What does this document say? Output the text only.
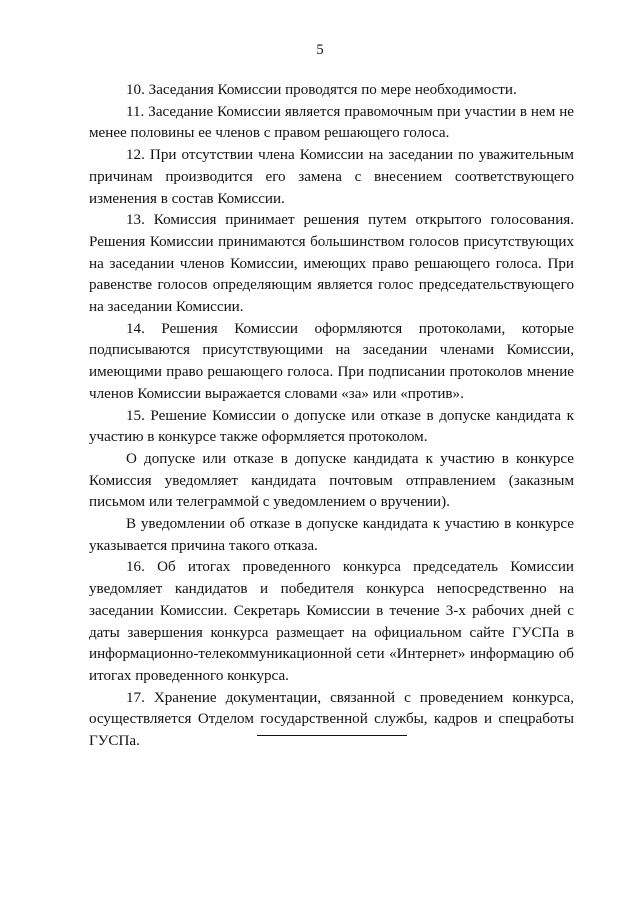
5

10. Заседания Комиссии проводятся по мере необходимости.

11. Заседание Комиссии является правомочным при участии в нем не менее половины ее членов с правом решающего голоса.

12. При отсутствии члена Комиссии на заседании по уважительным причинам производится его замена с внесением соответствующего изменения в состав Комиссии.

13. Комиссия принимает решения путем открытого голосования. Решения Комиссии принимаются большинством голосов присутствующих на заседании членов Комиссии, имеющих право решающего голоса. При равенстве голосов определяющим является голос председательствующего на заседании Комиссии.

14. Решения Комиссии оформляются протоколами, которые подписываются присутствующими на заседании членами Комиссии, имеющими право решающего голоса. При подписании протоколов мнение членов Комиссии выражается словами «за» или «против».

15. Решение Комиссии о допуске или отказе в допуске кандидата к участию в конкурсе также оформляется протоколом.

О допуске или отказе в допуске кандидата к участию в конкурсе Комиссия уведомляет кандидата почтовым отправлением (заказным письмом или телеграммой с уведомлением о вручении).

В уведомлении об отказе в допуске кандидата к участию в конкурсе указывается причина такого отказа.

16. Об итогах проведенного конкурса председатель Комиссии уведомляет кандидатов и победителя конкурса непосредственно на заседании Комиссии. Секретарь Комиссии в течение 3-х рабочих дней с даты завершения конкурса размещает на официальном сайте ГУСПа в информационно-телекоммуникационной сети «Интернет» информацию об итогах проведенного конкурса.

17. Хранение документации, связанной с проведением конкурса, осуществляется Отделом государственной службы, кадров и спецработы ГУСПа.
